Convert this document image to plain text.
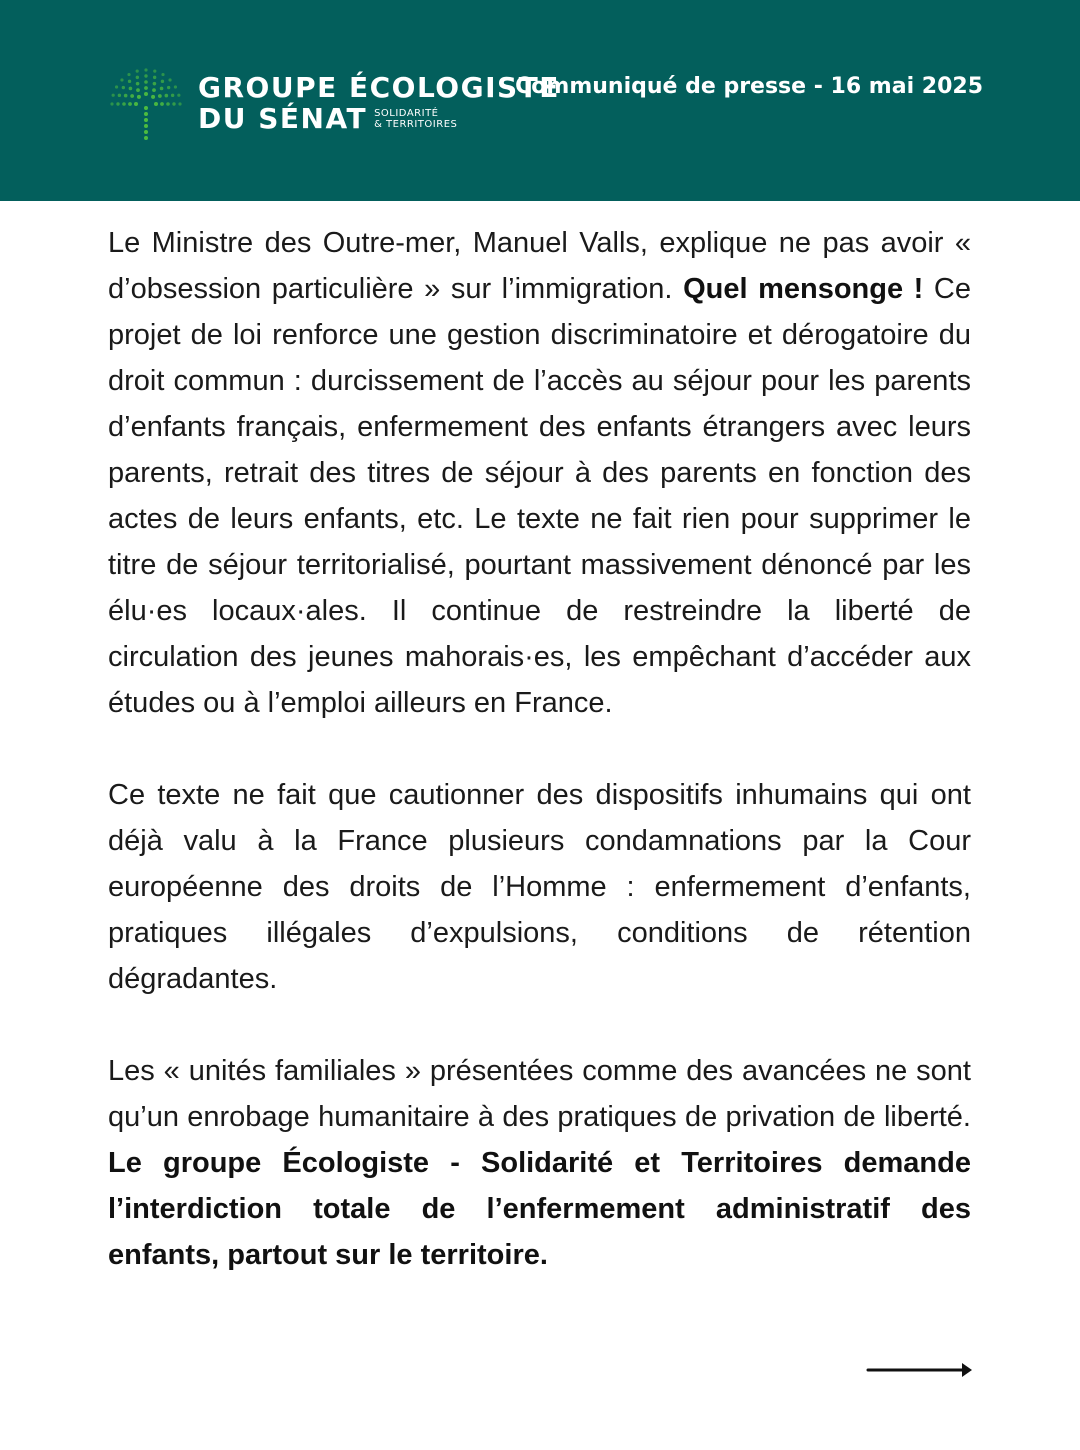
GROUPE ÉCOLOGISTE
DU SÉNAT SOLIDARITÉ
& TERRITOIRES
Communiqué de presse - 16 mai 2025

Le Ministre des Outre-mer, Manuel Valls, explique ne pas avoir « d’obsession particulière » sur l’immigration. Quel mensonge ! Ce projet de loi renforce une gestion discriminatoire et dérogatoire du droit commun : durcissement de l’accès au séjour pour les parents d’enfants français, enfermement des enfants étrangers avec leurs parents, retrait des titres de séjour à des parents en fonction des actes de leurs enfants, etc. Le texte ne fait rien pour supprimer le titre de séjour territorialisé, pourtant massivement dénoncé par les élu·es locaux·ales. Il continue de restreindre la liberté de circulation des jeunes mahorais·es, les empêchant d’accéder aux études ou à l’emploi ailleurs en France.

Ce texte ne fait que cautionner des dispositifs inhumains qui ont déjà valu à la France plusieurs condamnations par la Cour européenne des droits de l’Homme : enfermement d’enfants, pratiques illégales d’expulsions, conditions de rétention dégradantes.

Les « unités familiales » présentées comme des avancées ne sont qu’un enrobage humanitaire à des pratiques de privation de liberté. Le groupe Écologiste - Solidarité et Territoires demande l’interdiction totale de l’enfermement administratif des enfants, partout sur le territoire.
